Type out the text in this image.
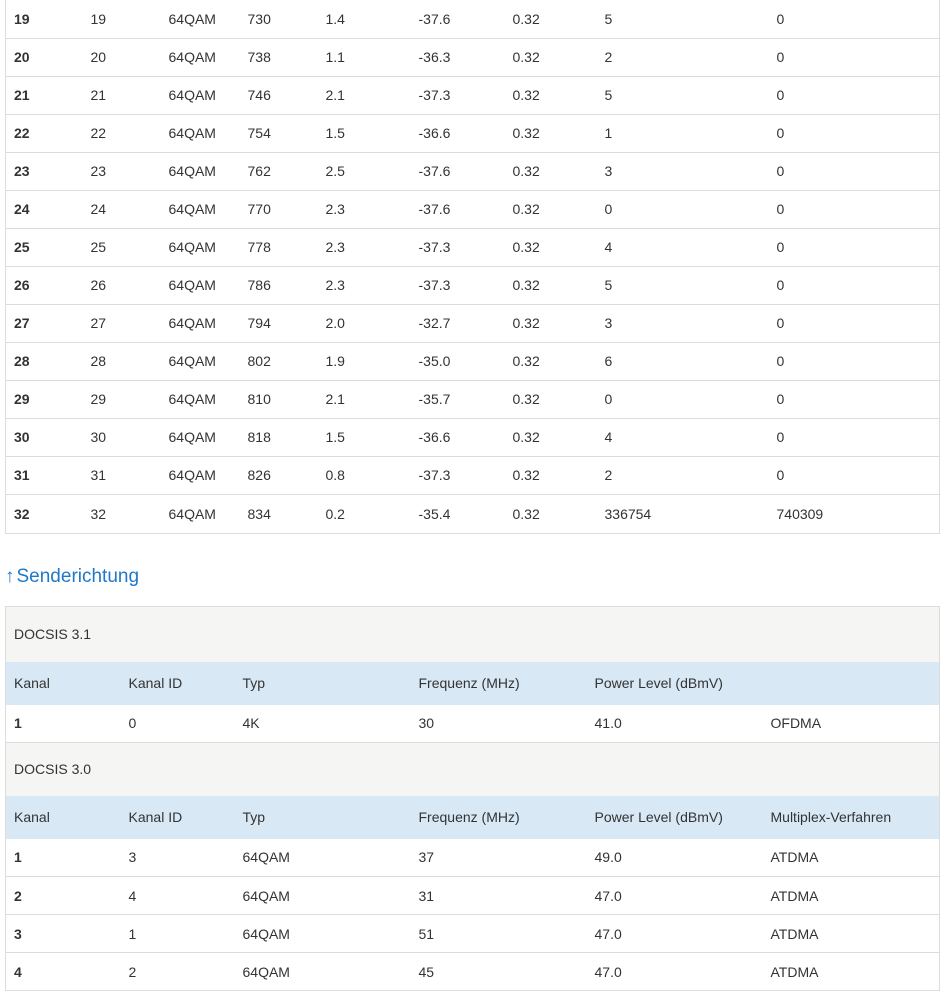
19	19	64QAM	730	1.4	-37.6	0.32	5	0
20	20	64QAM	738	1.1	-36.3	0.32	2	0
21	21	64QAM	746	2.1	-37.3	0.32	5	0
22	22	64QAM	754	1.5	-36.6	0.32	1	0
23	23	64QAM	762	2.5	-37.6	0.32	3	0
24	24	64QAM	770	2.3	-37.6	0.32	0	0
25	25	64QAM	778	2.3	-37.3	0.32	4	0
26	26	64QAM	786	2.3	-37.3	0.32	5	0
27	27	64QAM	794	2.0	-32.7	0.32	3	0
28	28	64QAM	802	1.9	-35.0	0.32	6	0
29	29	64QAM	810	2.1	-35.7	0.32	0	0
30	30	64QAM	818	1.5	-36.6	0.32	4	0
31	31	64QAM	826	0.8	-37.3	0.32	2	0
32	32	64QAM	834	0.2	-35.4	0.32	336754	740309
↑ Senderichtung
DOCSIS 3.1					
Kanal	Kanal ID	Typ	Frequenz (MHz)	Power Level (dBmV)	
1	0	4K	30	41.0	OFDMA
DOCSIS 3.0					
Kanal	Kanal ID	Typ	Frequenz (MHz)	Power Level (dBmV)	Multiplex-Verfahren
1	3	64QAM	37	49.0	ATDMA
2	4	64QAM	31	47.0	ATDMA
3	1	64QAM	51	47.0	ATDMA
4	2	64QAM	45	47.0	ATDMA
